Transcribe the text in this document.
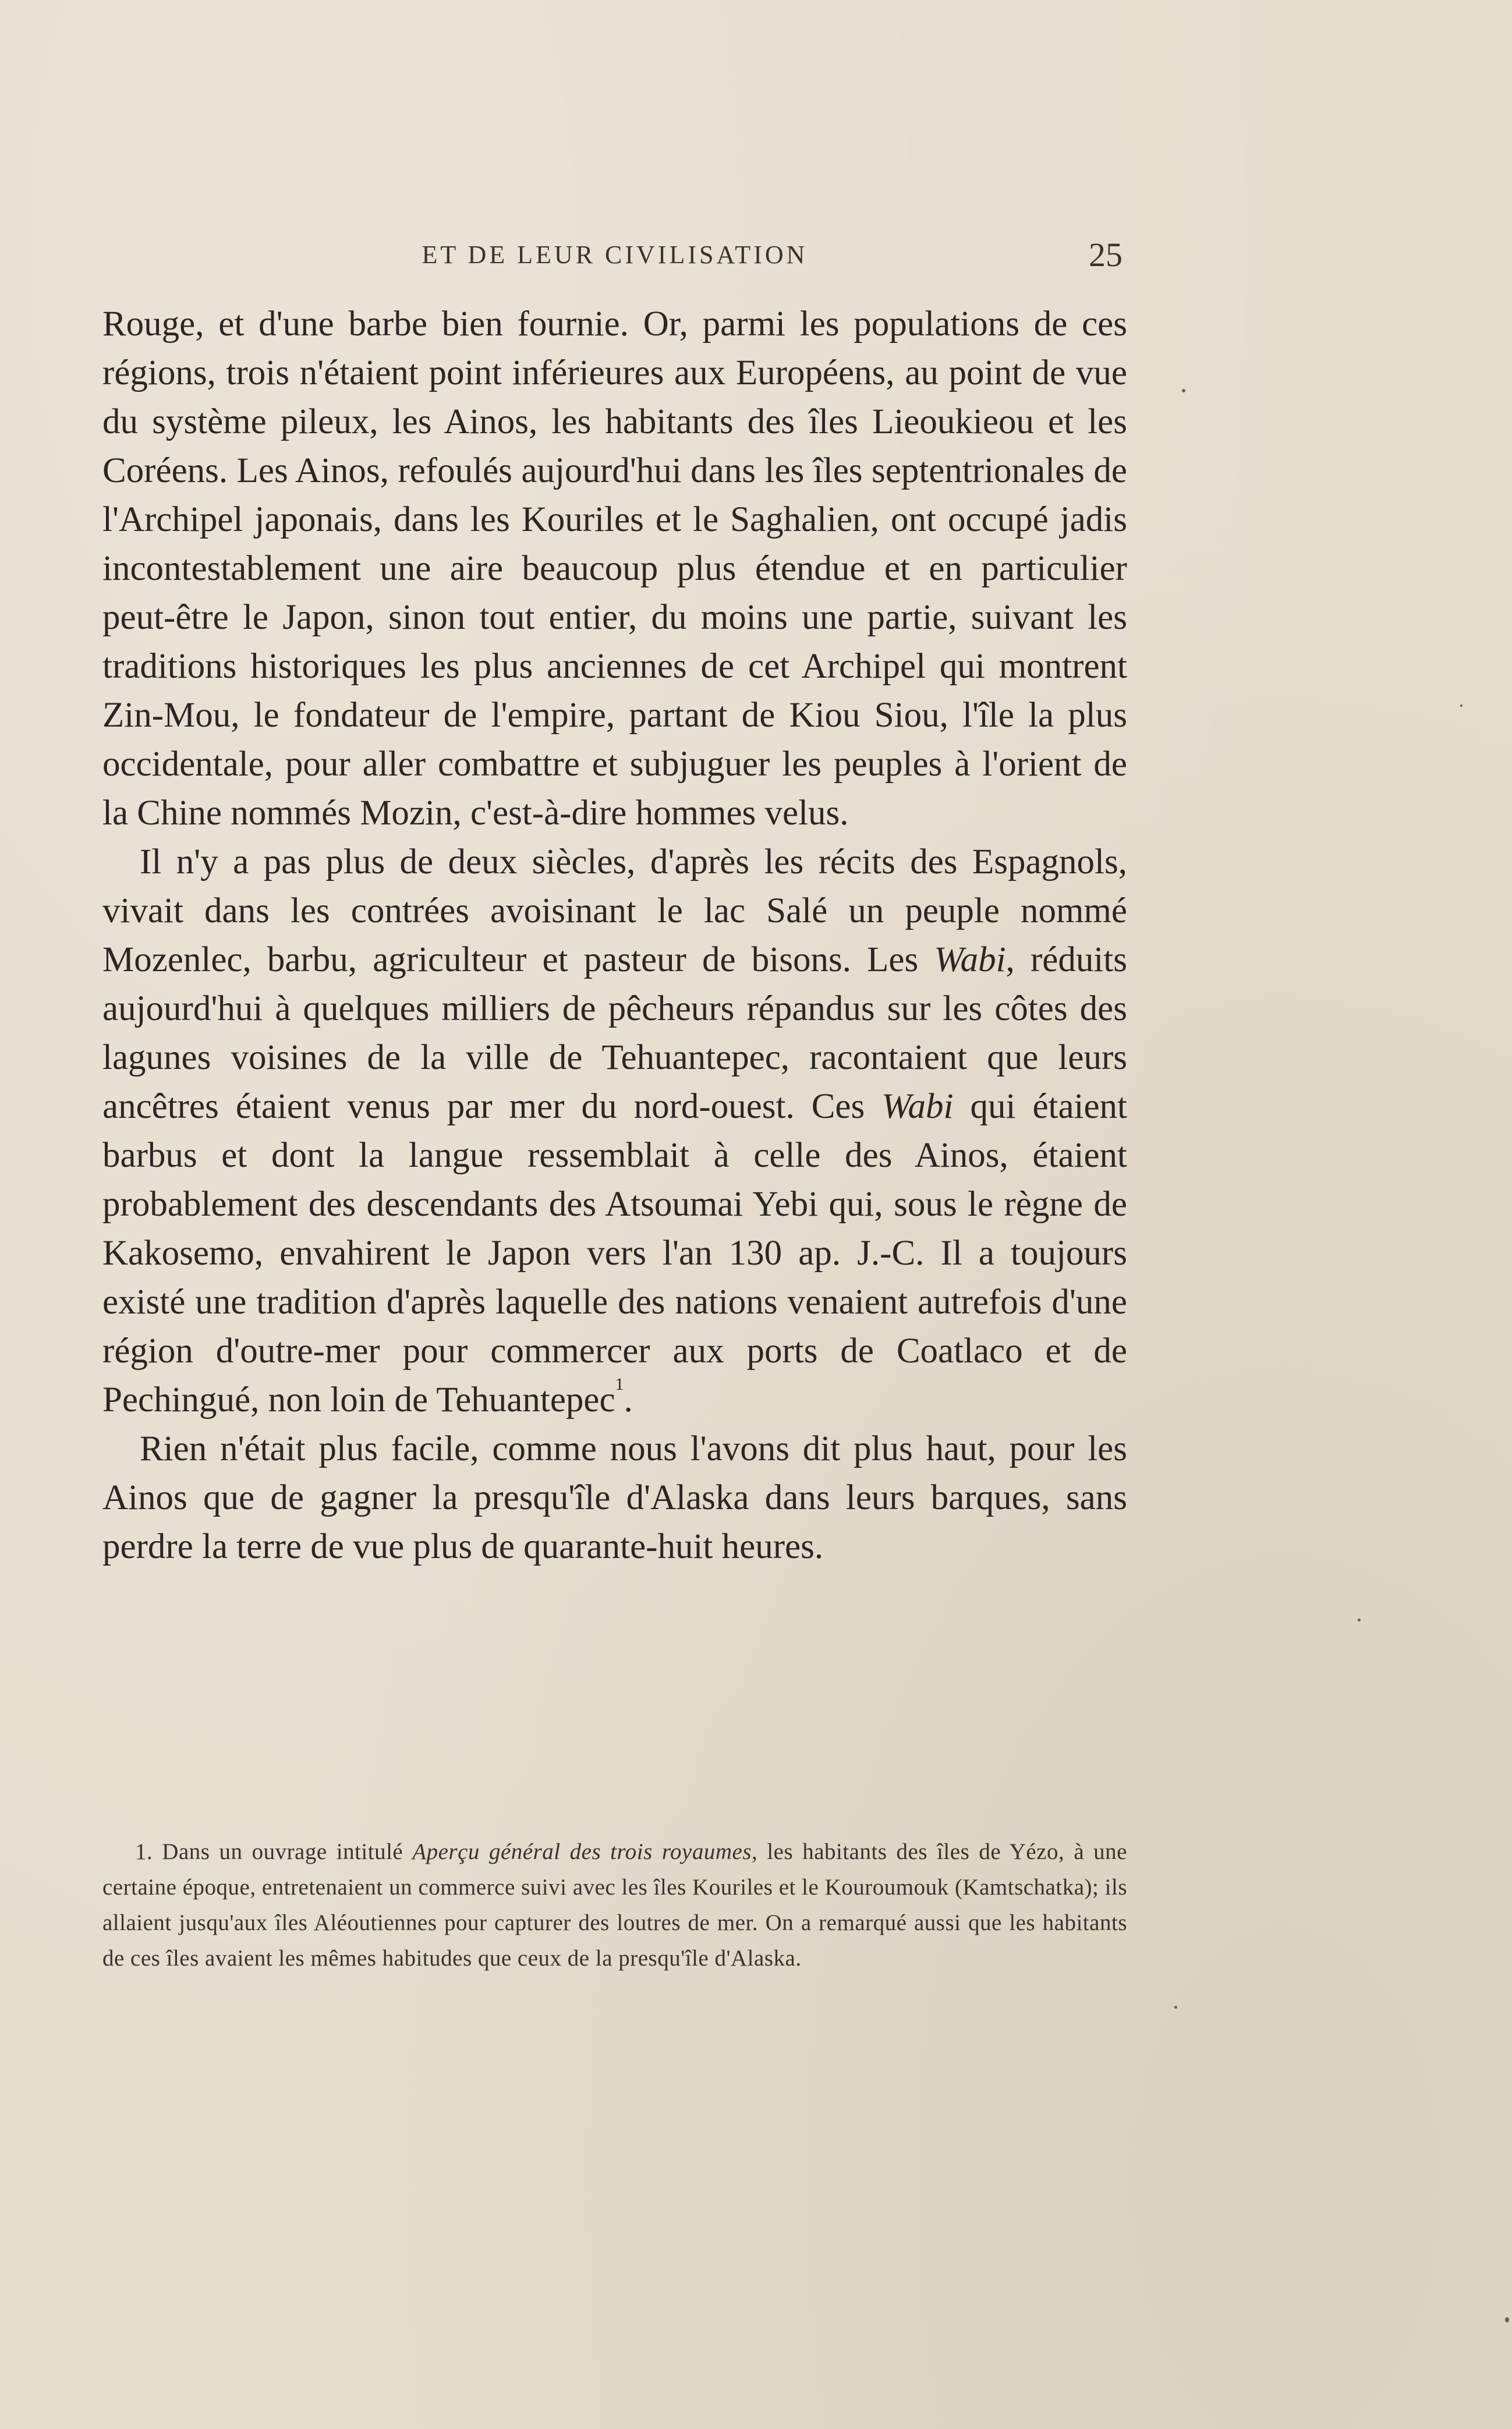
ET DE LEUR CIVILISATION	25

Rouge, et d'une barbe bien fournie. Or, parmi les populations de ces régions, trois n'étaient point inférieures aux Européens, au point de vue du système pileux, les Ainos, les habitants des îles Lieoukieou et les Coréens. Les Ainos, refoulés aujourd'hui dans les îles septentrionales de l'Archipel japonais, dans les Kouriles et le Saghalien, ont occupé jadis incontestablement une aire beaucoup plus étendue et en particulier peut-être le Japon, sinon tout entier, du moins une partie, suivant les traditions historiques les plus anciennes de cet Archipel qui montrent Zin-Mou, le fondateur de l'empire, partant de Kiou Siou, l'île la plus occidentale, pour aller combattre et subjuguer les peuples à l'orient de la Chine nommés Mozin, c'est-à-dire hommes velus.

Il n'y a pas plus de deux siècles, d'après les récits des Espagnols, vivait dans les contrées avoisinant le lac Salé un peuple nommé Mozenlec, barbu, agriculteur et pasteur de bisons. Les Wabi, réduits aujourd'hui à quelques milliers de pêcheurs répandus sur les côtes des lagunes voisines de la ville de Tehuantepec, racontaient que leurs ancêtres étaient venus par mer du nord-ouest. Ces Wabi qui étaient barbus et dont la langue ressemblait à celle des Ainos, étaient probablement des descendants des Atsoumai Yebi qui, sous le règne de Kakosemo, envahirent le Japon vers l'an 130 ap. J.-C. Il a toujours existé une tradition d'après laquelle des nations venaient autrefois d'une région d'outre-mer pour commercer aux ports de Coatlaco et de Pechingué, non loin de Tehuantepec$^1$.

Rien n'était plus facile, comme nous l'avons dit plus haut, pour les Ainos que de gagner la presqu'île d'Alaska dans leurs barques, sans perdre la terre de vue plus de quarante-huit heures.

1. Dans un ouvrage intitulé Aperçu général des trois royaumes, les habitants des îles de Yézo, à une certaine époque, entretenaient un commerce suivi avec les îles Kouriles et le Kouroumouk (Kamtschatka); ils allaient jusqu'aux îles Aléoutiennes pour capturer des loutres de mer. On a remarqué aussi que les habitants de ces îles avaient les mêmes habitudes que ceux de la presqu'île d'Alaska.
